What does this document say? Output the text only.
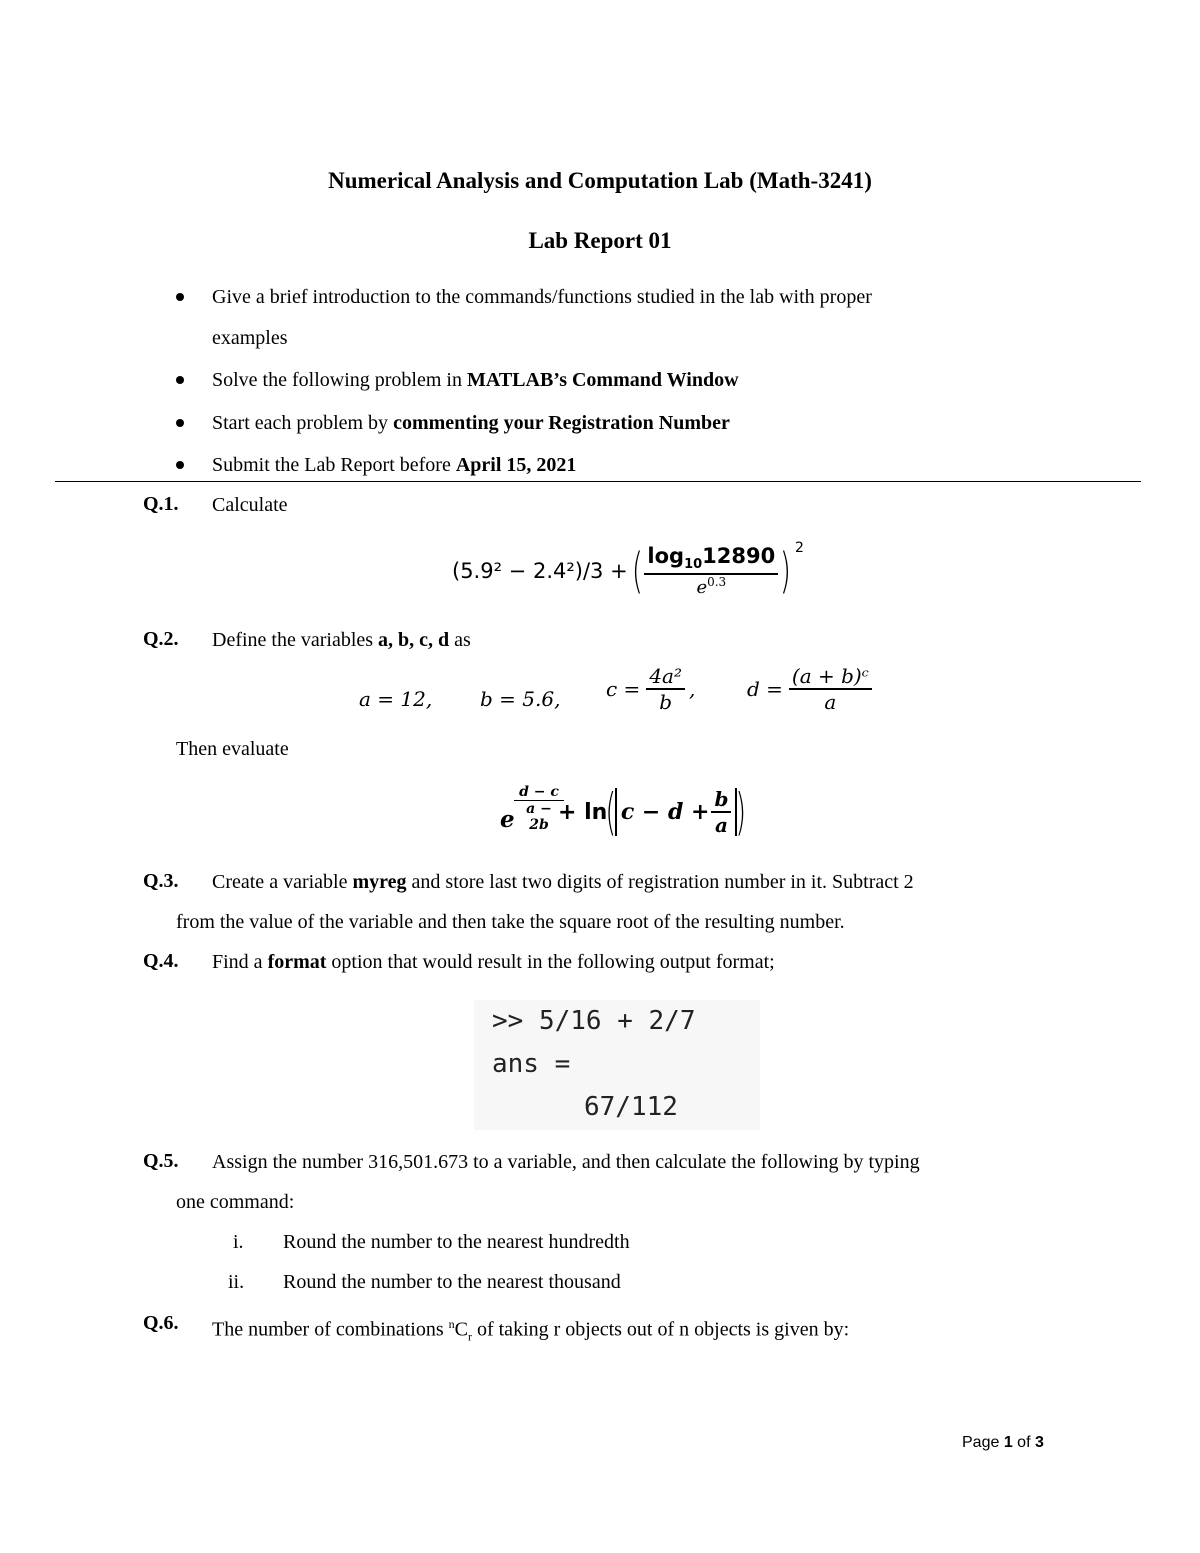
Numerical Analysis and Computation Lab (Math-3241)
Lab Report 01
Give a brief introduction to the commands/functions studied in the lab with proper
examples
Solve the following problem in MATLAB’s Command Window
Start each problem by commenting your Registration Number
Submit the Lab Report before April 15, 2021
Q.1. Calculate
(5.9² − 2.4²)/3 + ( $\frac{\log_{10}12890}{e^{0.3}}$ ) 2
Q.2. Define the variables a, b, c, d as
a = 12, b = 5.6, $c = \frac{\text{4a²}}{b}$ ,	$d = \frac{\text{(a + b)ᶜ}}{a}$
Then evaluate
e $\frac{d - c}{a - 2b}$
+ ln
( $c - d + \frac{b}{a}$ )
Q.3. Create a variable myreg and store last two digits of registration number in it. Subtract 2
from the value of the variable and then take the square root of the resulting number.
Q.4. Find a format option that would result in the following output format;
>> 5/16 + 2/7
ans =
67/112
Q.5. Assign the number 316,501.673 to a variable, and then calculate the following by typing
one command:
i. Round the number to the nearest hundredth
ii. Round the number to the nearest thousand
Q.6. The number of combinations $^nC_r$ of taking r objects out of n objects is given by:
Page 1 of 3
